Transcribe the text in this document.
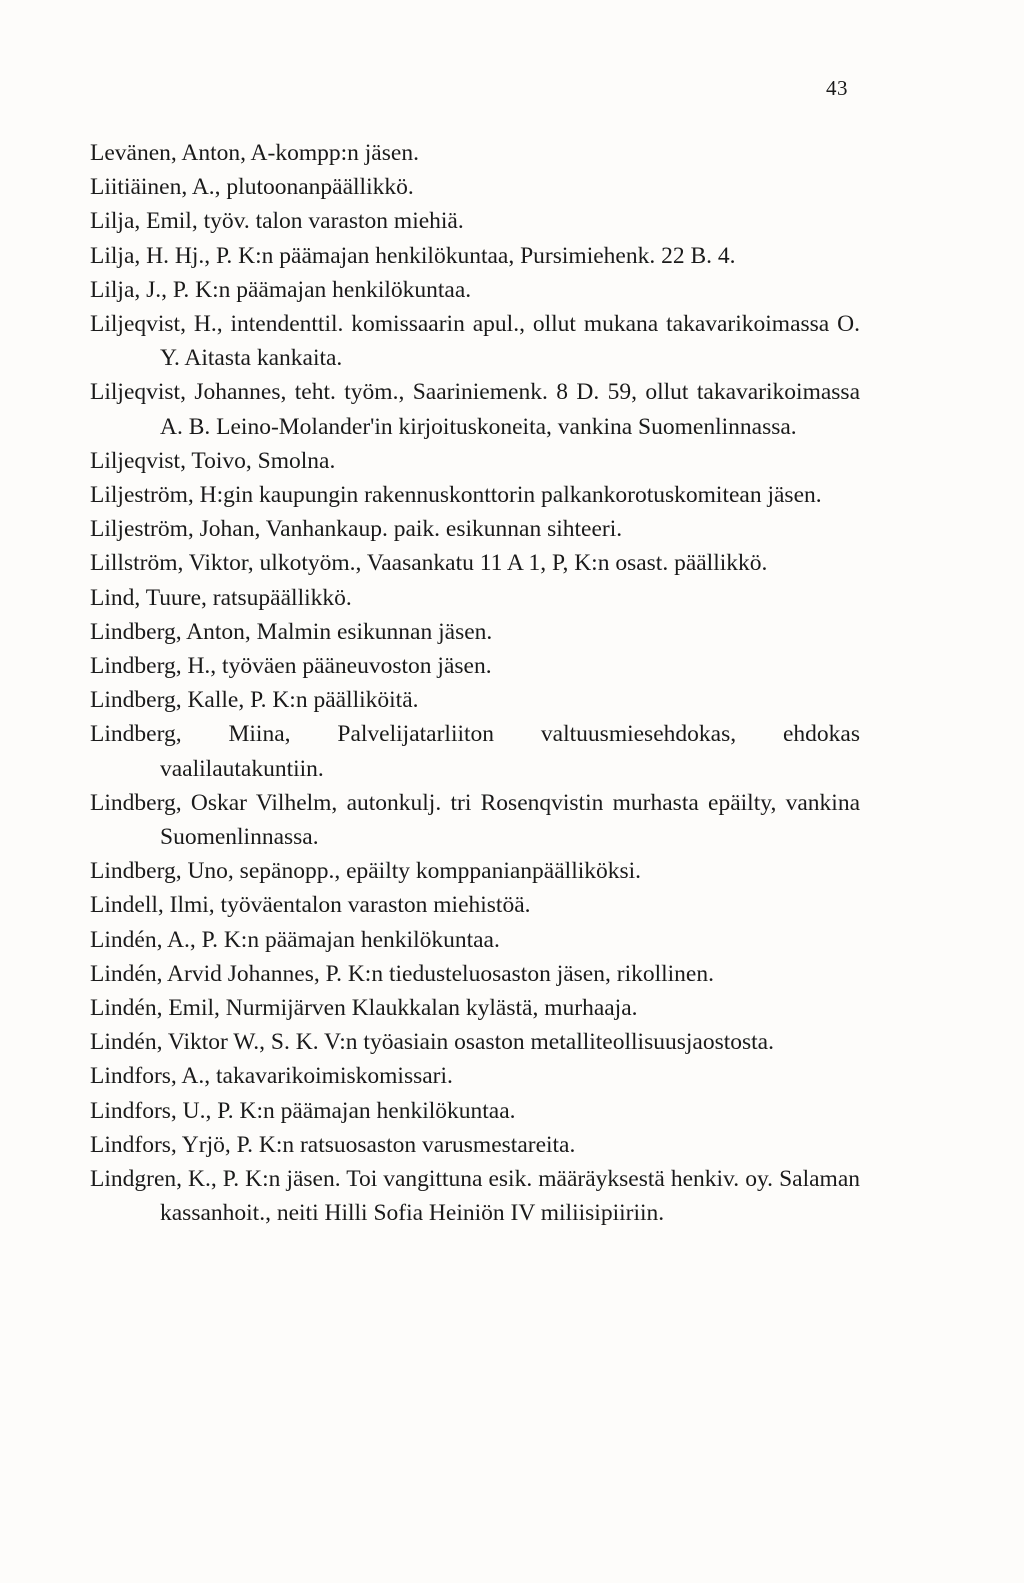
43
Levänen, Anton, A-kompp:n jäsen.
Liitiäinen, A., plutoonanpäällikkö.
Lilja, Emil, työv. talon varaston miehiä.
Lilja, H. Hj., P. K:n päämajan henkilökuntaa, Pursimiehenk. 22 B. 4.
Lilja, J., P. K:n päämajan henkilökuntaa.
Liljeqvist, H., intendenttil. komissaarin apul., ollut mukana takavarikoimassa O. Y. Aitasta kankaita.
Liljeqvist, Johannes, teht. työm., Saariniemenk. 8 D. 59, ollut takavarikoimassa A. B. Leino-Molander'in kirjoituskoneita, vankina Suomenlinnassa.
Liljeqvist, Toivo, Smolna.
Liljeström, H:gin kaupungin rakennuskonttorin palkankorotuskomitean jäsen.
Liljeström, Johan, Vanhankaup. paik. esikunnan sihteeri.
Lillström, Viktor, ulkotyöm., Vaasankatu 11 A 1, P, K:n osast. päällikkö.
Lind, Tuure, ratsupäällikkö.
Lindberg, Anton, Malmin esikunnan jäsen.
Lindberg, H., työväen pääneuvoston jäsen.
Lindberg, Kalle, P. K:n päälliköitä.
Lindberg, Miina, Palvelijatarliiton valtuusmiesehdokas, ehdokas vaalilautakuntiin.
Lindberg, Oskar Vilhelm, autonkulj. tri Rosenqvistin murhasta epäilty, vankina Suomenlinnassa.
Lindberg, Uno, sepänopp., epäilty komppanianpäälliköksi.
Lindell, Ilmi, työväentalon varaston miehistöä.
Lindén, A., P. K:n päämajan henkilökuntaa.
Lindén, Arvid Johannes, P. K:n tiedusteluosaston jäsen, rikollinen.
Lindén, Emil, Nurmijärven Klaukkalan kylästä, murhaaja.
Lindén, Viktor W., S. K. V:n työasiain osaston metalliteollisuusjaostosta.
Lindfors, A., takavarikoimiskomissari.
Lindfors, U., P. K:n päämajan henkilökuntaa.
Lindfors, Yrjö, P. K:n ratsuosaston varusmestareita.
Lindgren, K., P. K:n jäsen. Toi vangittuna esik. määräyksestä henkiv. oy. Salaman kassanhoit., neiti Hilli Sofia Heiniön IV miliisipiiriin.
